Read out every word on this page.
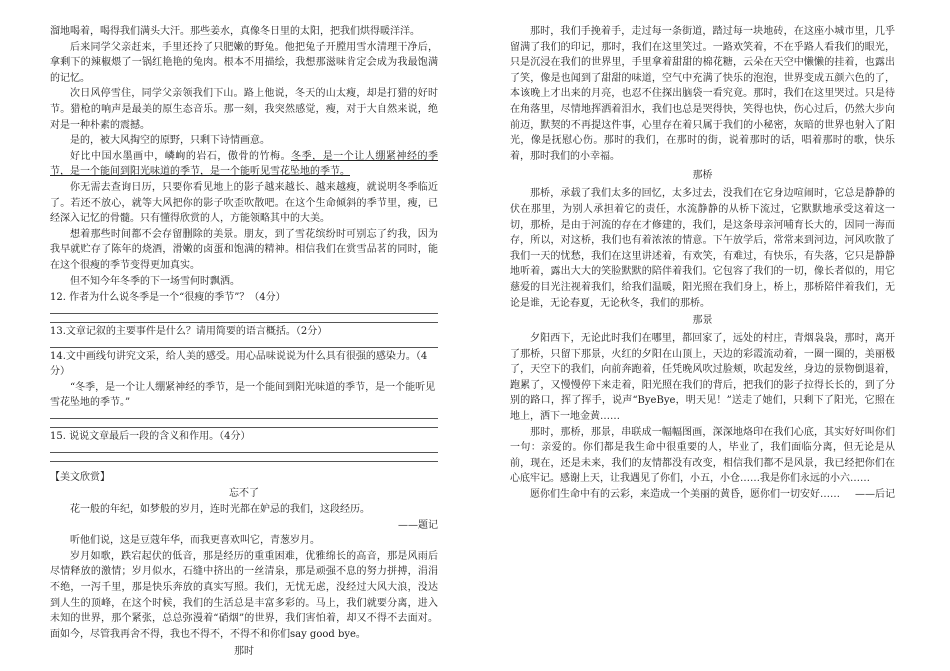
溜地喝着，喝得我们满头大汗。那些姜水，真像冬日里的太阳，把我们烘得暖洋洋。

后来同学父亲赶来，手里还拎了只肥嫩的野兔。他把兔子开膛用雪水清理干净后，拿剩下的辣椒煨了一锅红艳艳的兔肉。根本不用描绘，我想那滋味肯定会成为我最饱满的记忆。

次日风停雪住，同学父亲领我们下山。路上他说，冬天的山太瘦，却是打猎的好时节。猎枪的响声是最美的原生态音乐。那一刻，我突然感觉，瘦，对于大自然来说，绝对是一种朴素的震撼。

是的，被大风掏空的原野，只剩下诗情画意。

好比中国水墨画中，嶙峋的岩石，傲骨的竹梅。冬季，是一个让人绷紧神经的季节，是一个能间到阳光味道的季节，是一个能听见雪花坠地的季节。

你无需去查询日历，只要你看见地上的影子越来越长、越来越瘦，就说明冬季临近了。若还不放心，就等大风把你的影子吹歪吹散吧。在这个生命倾斜的季节里，瘦，已经深入记忆的骨髓。只有懂得欣赏的人，方能领略其中的大美。

想着那些时间都不会存留删除的美景。朋友，到了雪花缤纷时可别忘了约我，因为我早就贮存了陈年的烧酒，滑嫩的卤蛋和饱满的精神。相信我们在赏雪品茗的同时，能在这个很瘦的季节变得更加真实。

但不知今年冬季的下一场雪何时飘洒。

12. 作者为什么说冬季是一个“很瘦的季节”？（4分）
13.文章记叙的主要事件是什么？请用简要的语言概括。（2分）
14.文中画线句讲究文采，给人美的感受。用心品味说说为什么具有很强的感染力。（4分）
“冬季，是一个让人绷紧神经的季节，是一个能间到阳光味道的季节，是一个能听见雪花坠地的季节。”
15. 说说文章最后一段的含义和作用。（4分）
【美文欣赏】
忘不了

花一般的年纪，如梦般的岁月，连时光都在妒忌的我们，这段经历。

——题记

听他们说，这是豆蔻年华，而我更喜欢叫它，青葱岁月。

岁月如歌，跌宕起伏的低音，那是经历的重重困难，优雅绵长的高音，那是风雨后尽情释放的激情；岁月似水，石缝中挤出的一丝清泉，那是顽强不息的努力拼搏，涓涓不绝，一泻千里，那是快乐奔放的真实写照。我们，无忧无虑，没经过大风大浪，没达到人生的顶峰，在这个时候，我们的生活总是丰富多彩的。马上，我们就要分离，进入未知的世界，那个紧张，总总弥漫着“硝烟”的世界，我们害怕着，却又不得不去面对。面如今，尽管我再舍不得，我也不得不，不得不和你们say good bye。

那时

那时，我们手挽着手，走过每一条街道，踏过每一块地砖，在这座小城市里，几乎留满了我们的印记，那时，我们在这里笑过。一路欢笑着，不在乎路人看我们的眼光，只是沉浸在我们的世界里，手里拿着甜甜的棉花糖，云朵在天空中懒懒的挂着，也露出了笑，像是也闻到了甜甜的味道，空气中充满了快乐的泡泡，世界变成五颜六色的了，本该晚上才出来的月亮，也忍不住探出脑袋一看究竟。那时，我们在这里哭过。只是待在角落里，尽情地挥洒着泪水，我们也总是哭得快，笑得也快，伤心过后，仍然大步向前迈，默契的不再提这件事，心里存在着只属于我们的小秘密，灰暗的世界也射入了阳光，像是抚慰心伤。那时的我们，在那时的街，说着那时的话，唱着那时的歌，快乐着，那时我们的小幸福。

那桥

那桥，承载了我们太多的回忆，太多过去，没我们在它身边喧闹时，它总是静静的伏在那里，为别人承担着它的责任，水流静静的从桥下流过，它默默地承受这着这一切，那桥，是由于河流的存在才修建的，我们，是这条母亲河哺育长大的，因同一海而存，所以，对这桥，我们也有着浓浓的情意。下午放学后，常常来到河边，河风吹散了我们一天的忧愁，我们在这里讲述着，有欢笑，有难过，有快乐，有失落，它只是静静地听着，露出大大的笑脸默默的陪伴着我们。它包容了我们的一切，像长者似的，用它慈爱的目光注视着我们，给我们温暖，阳光照在我们身上，桥上，那桥陪伴着我们，无论是谁，无论春夏，无论秋冬，我们的那桥。

那景

夕阳西下，无论此时我们在哪里，都回家了，远处的村庄，青烟袅袅，那时，离开了那桥，只留下那景，火红的夕阳在山顶上，天边的彩霞流动着，一圈一圈的，美丽极了，天空下的我们，向前奔跑着，任凭晚风吹过脸颊，吹起发丝，身边的景物倒退着，跑累了，又慢慢停下来走着，阳光照在我们的背后，把我们的影子拉得长长的，到了分别的路口，挥了挥手，说声“ByeBye，明天见！”送走了她们，只剩下了阳光，它照在地上，洒下一地金黄……

那时，那桥，那景，串联成一幅幅图画，深深地烙印在我们心底，其实好好叫你们一句：亲爱的。你们都是我生命中很重要的人，毕业了，我们面临分离，但无论是从前，现在，还是未来，我们的友情都没有改变，相信我们都不是风景，我已经把你们在心底牢记。感谢上天，让我遇见了你们，小五，小仓……我是你们永远的小六……

愿你们生命中有的云彩，来造成一个美丽的黄昏，愿你们一切安好……	——后记
